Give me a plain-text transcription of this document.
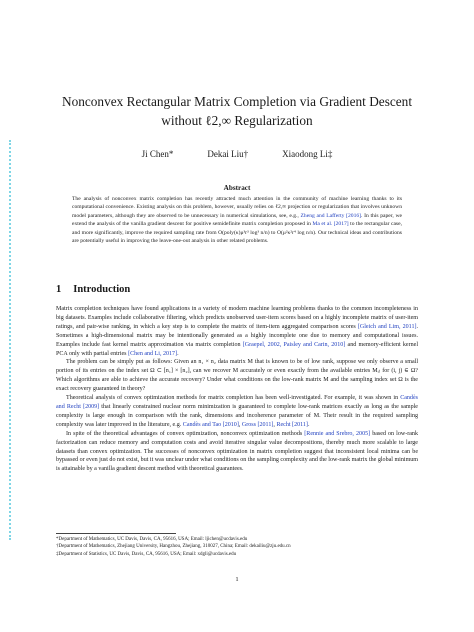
Nonconvex Rectangular Matrix Completion via Gradient Descent
without ℓ2,∞ Regularization
Ji Chen*	Dekai Liu†	Xiaodong Li‡
Abstract
The analysis of nonconvex matrix completion has recently attracted much attention in the community of machine learning thanks to its computational convenience. Existing analysis on this problem, however, usually relies on ℓ2,∞ projection or regularization that involves unknown model parameters, although they are observed to be unnecessary in numerical simulations, see, e.g., Zheng and Lafferty [2016]. In this paper, we extend the analysis of the vanilla gradient descent for positive semidefinite matrix completion proposed in Ma et al. [2017] to the rectangular case, and more significantly, improve the required sampling rate from O(poly(κ)μ³r³ log³ n/n) to O(μ²κ²r⁴ log n/n). Our technical ideas and contributions are potentially useful in improving the leave-one-out analysis in other related problems.
1 Introduction

Matrix completion techniques have found applications in a variety of modern machine learning problems thanks to the common incompleteness in big datasets. Examples include collaborative filtering, which predicts unobserved user-item scores based on a highly incomplete matrix of user-item ratings, and pair-wise ranking, in which a key step is to complete the matrix of item-item aggregated comparison scores [Gleich and Lim, 2011]. Sometimes a high-dimensional matrix may be intentionally generated as a highly incomplete one due to memory and computational issues. Examples include fast kernel matrix approximation via matrix completion [Graepel, 2002, Paisley and Carin, 2010] and memory-efficient kernel PCA only with partial entries [Chen and Li, 2017].

The problem can be simply put as follows: Given an n₁ × n₂ data matrix M that is known to be of low rank, suppose we only observe a small portion of its entries on the index set Ω ⊂ [n₁] × [n₂], can we recover M accurately or even exactly from the available entries Mᵢⱼ for (i, j) ∈ Ω? Which algorithms are able to achieve the accurate recovery? Under what conditions on the low-rank matrix M and the sampling index set Ω is the exact recovery guaranteed in theory?

Theoretical analysis of convex optimization methods for matrix completion has been well-investigated. For example, it was shown in Candès and Recht [2009] that linearly constrained nuclear norm minimization is guaranteed to complete low-rank matrices exactly as long as the sample complexity is large enough in comparison with the rank, dimensions and incoherence parameter of M. Their result in the required sampling complexity was later improved in the literature, e.g. Candès and Tao [2010], Gross [2011], Recht [2011].

In spite of the theoretical advantages of convex optimization, nonconvex optimization methods [Rennie and Srebro, 2005] based on low-rank factorization can reduce memory and computation costs and avoid iterative singular value decompositions, thereby much more scalable to large datasets than convex optimization. The successes of nonconvex optimization in matrix completion suggest that inconsistent local minima can be bypassed or even just do not exist, but it was unclear under what conditions on the sampling complexity and the low-rank matrix the global minimum is attainable by a vanilla gradient descent method with theoretical guarantees.

*Department of Mathematics, UC Davis, Davis, CA, 95616, USA; Email: ljichen@ucdavis.edu
†Department of Mathematics, Zhejiang University, Hangzhou, Zhejiang, 310027, China; Email: dekailiu@zju.edu.cn
‡Department of Statistics, UC Davis, Davis, CA, 95616, USA; Email: xdgli@ucdavis.edu
1
